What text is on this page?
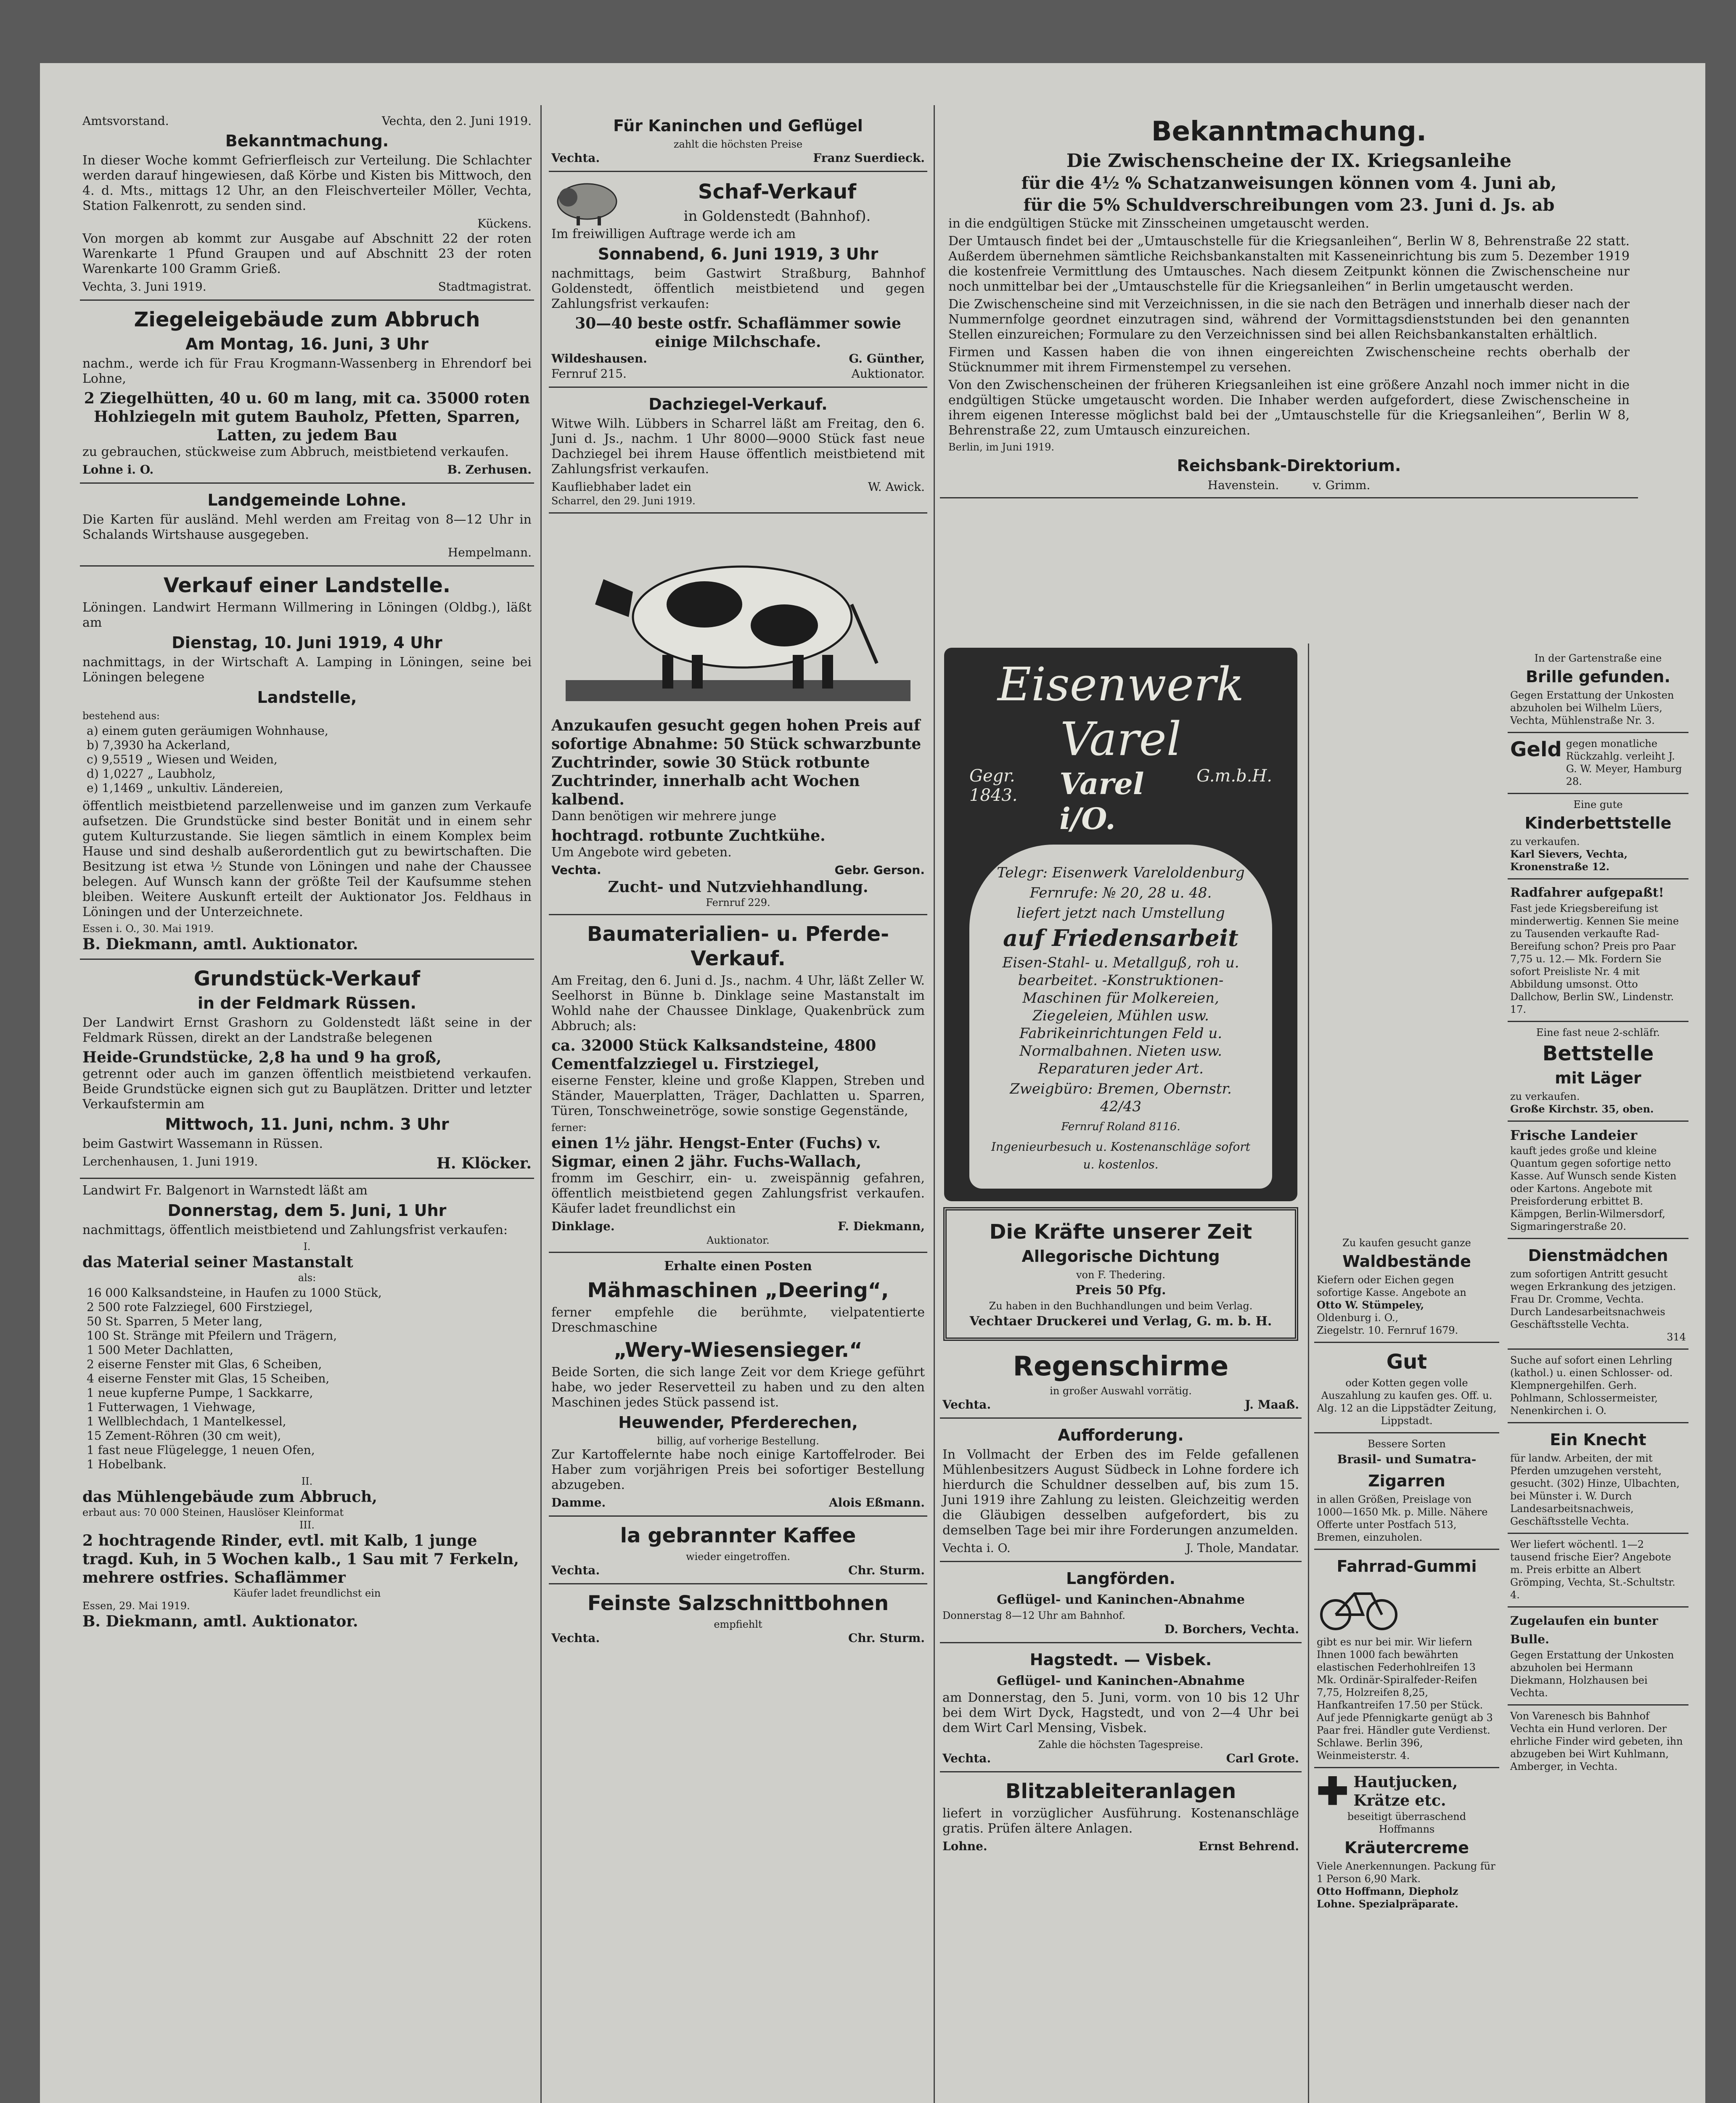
Amtsvorstand.	Vechta, den 2. Juni 1919.
Bekanntmachung.

In dieser Woche kommt Gefrierfleisch zur Verteilung. Die Schlachter werden darauf hingewiesen, daß Körbe und Kisten bis Mittwoch, den 4. d. Mts., mittags 12 Uhr, an den Fleischverteiler Möller, Vechta, Station Falkenrott, zu senden sind.

Kückens.

Von morgen ab kommt zur Ausgabe auf Abschnitt 22 der roten Warenkarte 1 Pfund Graupen und auf Abschnitt 23 der roten Warenkarte 100 Gramm Grieß.

Vechta, 3. Juni 1919.	Stadtmagistrat.
Ziegeleigebäude zum Abbruch
Am Montag, 16. Juni, 3 Uhr

nachm., werde ich für Frau Krogmann-Wassenberg in Ehrendorf bei Lohne,

2 Ziegelhütten, 40 u. 60 m lang, mit ca. 35000 roten Hohlziegeln mit gutem Bauholz, Pfetten, Sparren, Latten, zu jedem Bau

zu gebrauchen, stückweise zum Abbruch, meistbietend verkaufen.

Lohne i. O.	B. Zerhusen.
Landgemeinde Lohne.

Die Karten für ausländ. Mehl werden am Freitag von 8—12 Uhr in Schalands Wirtshause ausgegeben.

Hempelmann.
Verkauf einer Landstelle.

Löningen. Landwirt Hermann Willmering in Löningen (Oldbg.), läßt am

Dienstag, 10. Juni 1919, 4 Uhr

nachmittags, in der Wirtschaft A. Lamping in Löningen, seine bei Löningen belegene

Landstelle,
bestehend aus:
a) einem guten geräumigen Wohnhause,
b) 7,3930 ha Ackerland,
c) 9,5519 „ Wiesen und Weiden,
d) 1,0227 „ Laubholz,
e) 1,1469 „ unkultiv. Ländereien,

öffentlich meistbietend parzellenweise und im ganzen zum Verkaufe aufsetzen. Die Grundstücke sind bester Bonität und in einem sehr gutem Kulturzustande. Sie liegen sämtlich in einem Komplex beim Hause und sind deshalb außerordentlich gut zu bewirtschaften. Die Besitzung ist etwa ½ Stunde von Löningen und nahe der Chaussee belegen. Auf Wunsch kann der größte Teil der Kaufsumme stehen bleiben. Weitere Auskunft erteilt der Auktionator Jos. Feldhaus in Löningen und der Unterzeichnete.

Essen i. O., 30. Mai 1919.
B. Diekmann, amtl. Auktionator.
Grundstück-Verkauf
in der Feldmark Rüssen.

Der Landwirt Ernst Grashorn zu Goldenstedt läßt seine in der Feldmark Rüssen, direkt an der Landstraße belegenen

Heide-Grundstücke, 2,8 ha und 9 ha groß,

getrennt oder auch im ganzen öffentlich meistbietend verkaufen. Beide Grundstücke eignen sich gut zu Bauplätzen. Dritter und letzter Verkaufstermin am

Mittwoch, 11. Juni, nchm. 3 Uhr

beim Gastwirt Wassemann in Rüssen.

Lerchenhausen, 1. Juni 1919.	H. Klöcker.

Landwirt Fr. Balgenort in Warnstedt läßt am

Donnerstag, dem 5. Juni, 1 Uhr

nachmittags, öffentlich meistbietend und Zahlungsfrist verkaufen:

I.
das Material seiner Mastanstalt
als:
16 000 Kalksandsteine, in Haufen zu 1000 Stück,
2 500 rote Falzziegel, 600 Firstziegel,
50 St. Sparren, 5 Meter lang,
100 St. Stränge mit Pfeilern und Trägern,
1 500 Meter Dachlatten,
2 eiserne Fenster mit Glas, 6 Scheiben,
4 eiserne Fenster mit Glas, 15 Scheiben,
1 neue kupferne Pumpe, 1 Sackkarre,
1 Futterwagen, 1 Viehwage,
1 Wellblechdach, 1 Mantelkessel,
15 Zement-Röhren (30 cm weit),
1 fast neue Flügelegge, 1 neuen Ofen,
1 Hobelbank.
II.
das Mühlengebäude zum Abbruch,
erbaut aus: 70 000 Steinen, Hauslöser Kleinformat
III.
2 hochtragende Rinder, evtl. mit Kalb, 1 junge tragd. Kuh, in 5 Wochen kalb., 1 Sau mit 7 Ferkeln, mehrere ostfries. Schaflämmer
Käufer ladet freundlichst ein
Essen, 29. Mai 1919.
B. Diekmann, amtl. Auktionator.
Für Kaninchen und Geflügel
zahlt die höchsten Preise
Vechta.	Franz Suerdieck.
Schaf-Verkauf
in Goldenstedt (Bahnhof).

Im freiwilligen Auftrage werde ich am

Sonnabend, 6. Juni 1919, 3 Uhr

nachmittags, beim Gastwirt Straßburg, Bahnhof Goldenstedt, öffentlich meistbietend und gegen Zahlungsfrist verkaufen:

30—40 beste ostfr. Schaflämmer sowie einige Milchschafe.
Wildeshausen.	G. Günther,
Fernruf 215.	Auktionator.
Dachziegel-Verkauf.

Witwe Wilh. Lübbers in Scharrel läßt am Freitag, den 6. Juni d. Js., nachm. 1 Uhr 8000—9000 Stück fast neue Dachziegel bei ihrem Hause öffentlich meistbietend mit Zahlungsfrist verkaufen.

Kaufliebhaber ladet ein	W. Awick.
Scharrel, den 29. Juni 1919.
Anzukaufen gesucht gegen hohen Preis auf sofortige Abnahme: 50 Stück schwarzbunte Zuchtrinder, sowie 30 Stück rotbunte Zuchtrinder, innerhalb acht Wochen kalbend.

Dann benötigen wir mehrere junge

hochtragd. rotbunte Zuchtkühe.

Um Angebote wird gebeten.

Vechta.	Gebr. Gerson.
Zucht- und Nutzviehhandlung.
Fernruf 229.
Baumaterialien- u. Pferde-Verkauf.

Am Freitag, den 6. Juni d. Js., nachm. 4 Uhr, läßt Zeller W. Seelhorst in Bünne b. Dinklage seine Mastanstalt im Wohld nahe der Chaussee Dinklage, Quakenbrück zum Abbruch; als:

ca. 32000 Stück Kalksandsteine, 4800 Cementfalzziegel u. Firstziegel,

eiserne Fenster, kleine und große Klappen, Streben und Ständer, Mauerplatten, Träger, Dachlatten u. Sparren, Türen, Tonschweinetröge, sowie sonstige Gegenstände,

ferner:
einen 1½ jähr. Hengst-Enter (Fuchs) v. Sigmar, einen 2 jähr. Fuchs-Wallach,

fromm im Geschirr, ein- u. zweispännig gefahren, öffentlich meistbietend gegen Zahlungsfrist verkaufen. Käufer ladet freundlichst ein

Dinklage.	F. Diekmann,
Auktionator.
Erhalte einen Posten
Mähmaschinen „Deering“,

ferner empfehle die berühmte, vielpatentierte Dreschmaschine

„Wery-Wiesensieger.“

Beide Sorten, die sich lange Zeit vor dem Kriege geführt habe, wo jeder Reservetteil zu haben und zu den alten Maschinen jedes Stück passend ist.

Heuwender, Pferderechen,
billig, auf vorherige Bestellung.

Zur Kartoffelernte habe noch einige Kartoffelroder. Bei Haber zum vorjährigen Preis bei sofortiger Bestellung abzugeben.

Damme.	Alois Eßmann.
la gebrannter Kaffee
wieder eingetroffen.
Vechta.	Chr. Sturm.
Feinste Salzschnittbohnen
empfiehlt
Vechta.	Chr. Sturm.
Bekanntmachung.
Die Zwischenscheine der IX. Kriegsanleihe
für die 4½ % Schatzanweisungen können vom 4. Juni ab,
für die 5% Schuldverschreibungen vom 23. Juni d. Js. ab

in die endgültigen Stücke mit Zinsscheinen umgetauscht werden.

Der Umtausch findet bei der „Umtauschstelle für die Kriegsanleihen“, Berlin W 8, Behrenstraße 22 statt. Außerdem übernehmen sämtliche Reichsbankanstalten mit Kasseneinrichtung bis zum 5. Dezember 1919 die kostenfreie Vermittlung des Umtausches. Nach diesem Zeitpunkt können die Zwischenscheine nur noch unmittelbar bei der „Umtauschstelle für die Kriegsanleihen“ in Berlin umgetauscht werden.

Die Zwischenscheine sind mit Verzeichnissen, in die sie nach den Beträgen und innerhalb dieser nach der Nummernfolge geordnet einzutragen sind, während der Vormittagsdienststunden bei den genannten Stellen einzureichen; Formulare zu den Verzeichnissen sind bei allen Reichsbankanstalten erhältlich.

Firmen und Kassen haben die von ihnen eingereichten Zwischenscheine rechts oberhalb der Stücknummer mit ihrem Firmenstempel zu versehen.

Von den Zwischenscheinen der früheren Kriegsanleihen ist eine größere Anzahl noch immer nicht in die endgültigen Stücke umgetauscht worden. Die Inhaber werden aufgefordert, diese Zwischenscheine in ihrem eigenen Interesse möglichst bald bei der „Umtauschstelle für die Kriegsanleihen“, Berlin W 8, Behrenstraße 22, zum Umtausch einzureichen.

Berlin, im Juni 1919.
Reichsbank-Direktorium.
Havenstein.	v. Grimm.
Eisenwerk Varel
Gegr. 1843.	Varel i/O.
G.m.b.H.

Telegr: Eisenwerk Vareloldenburg

Fernrufe: № 20, 28 u. 48.

liefert jetzt nach Umstellung

auf Friedensarbeit

Eisen-Stahl- u. Metallguß, roh u. bearbeitet. -Konstruktionen- Maschinen für Molkereien, Ziegeleien, Mühlen usw. Fabrikeinrichtungen Feld u. Normalbahnen. Nieten usw. Reparaturen jeder Art.

Zweigbüro: Bremen, Obernstr. 42/43

Fernruf Roland 8116.

Ingenieurbesuch u. Kostenanschläge sofort u. kostenlos.

Die Kräfte unserer Zeit
Allegorische Dichtung
von F. Thedering.
Preis 50 Pfg.
Zu haben in den Buchhandlungen und beim Verlag.
Vechtaer Druckerei und Verlag, G. m. b. H.
Regenschirme
in großer Auswahl vorrätig.
Vechta.	J. Maaß.
Aufforderung.

In Vollmacht der Erben des im Felde gefallenen Mühlenbesitzers August Südbeck in Lohne fordere ich hierdurch die Schuldner desselben auf, bis zum 15. Juni 1919 ihre Zahlung zu leisten. Gleichzeitig werden die Gläubigen desselben aufgefordert, bis zu demselben Tage bei mir ihre Forderungen anzumelden.

Vechta i. O.	J. Thole, Mandatar.
Langförden.
Geflügel- und Kaninchen-Abnahme
Donnerstag 8—12 Uhr am Bahnhof.
D. Borchers, Vechta.
Hagstedt. — Visbek.
Geflügel- und Kaninchen-Abnahme

am Donnerstag, den 5. Juni, vorm. von 10 bis 12 Uhr bei dem Wirt Dyck, Hagstedt, und von 2—4 Uhr bei dem Wirt Carl Mensing, Visbek.

Zahle die höchsten Tagespreise.
Vechta.	Carl Grote.
Blitzableiteranlagen

liefert in vorzüglicher Ausführung. Kostenanschläge gratis. Prüfen ältere Anlagen.

Lohne.	Ernst Behrend.
Zu kaufen gesucht ganze
Waldbestände
Kiefern oder Eichen gegen sofortige Kasse. Angebote an
Otto W. Stümpeley,
Oldenburg i. O.,
Ziegelstr. 10. Fernruf 1679.
Gut
oder Kotten gegen volle Auszahlung zu kaufen ges. Off. u. Alg. 12 an die Lippstädter Zeitung, Lippstadt.
Bessere Sorten
Brasil- und Sumatra-
Zigarren
in allen Größen, Preislage von 1000—1650 Mk. p. Mille. Nähere Offerte unter Postfach 513, Bremen, einzuholen.
Fahrrad-Gummi
gibt es nur bei mir. Wir liefern Ihnen 1000 fach bewährten elastischen Federhohlreifen 13 Mk. Ordinär-Spiralfeder-Reifen 7,75, Holzreifen 8,25, Hanfkantreifen 17.50 per Stück. Auf jede Pfennigkarte genügt ab 3 Paar frei. Händler gute Verdienst. Schlawe. Berlin 396, Weinmeisterstr. 4.
✚ Hautjucken, Krätze etc.
beseitigt überraschend
Hoffmanns
Kräutercreme
Viele Anerkennungen. Packung für 1 Person 6,90 Mark.
Otto Hoffmann, Diepholz Lohne. Spezialpräparate.
In der Gartenstraße eine
Brille gefunden.
Gegen Erstattung der Unkosten abzuholen bei Wilhelm Lüers, Vechta, Mühlenstraße Nr. 3.
Geld gegen monatliche Rückzahlg. verleiht J. G. W. Meyer, Hamburg 28.
Eine gute
Kinderbettstelle
zu verkaufen.
Karl Sievers, Vechta, Kronenstraße 12.
Radfahrer aufgepaßt!
Fast jede Kriegsbereifung ist minderwertig. Kennen Sie meine zu Tausenden verkaufte Rad-Bereifung schon? Preis pro Paar 7,75 u. 12.— Mk. Fordern Sie sofort Preisliste Nr. 4 mit Abbildung umsonst. Otto Dallchow, Berlin SW., Lindenstr. 17.
Eine fast neue 2-schläfr.
Bettstelle
mit Läger
zu verkaufen.
Große Kirchstr. 35, oben.
Frische Landeier
kauft jedes große und kleine Quantum gegen sofortige netto Kasse. Auf Wunsch sende Kisten oder Kartons. Angebote mit Preisforderung erbittet B. Kämpgen, Berlin-Wilmersdorf, Sigmaringerstraße 20.
Dienstmädchen
zum sofortigen Antritt gesucht wegen Erkrankung des jetzigen. Frau Dr. Cromme, Vechta.
Durch Landesarbeitsnachweis Geschäftsstelle Vechta.
314
Suche auf sofort einen Lehrling (kathol.) u. einen Schlosser- od. Klempnergehilfen. Gerh. Pohlmann, Schlossermeister, Nenenkirchen i. O.
Ein Knecht
für landw. Arbeiten, der mit Pferden umzugehen versteht, gesucht. (302) Hinze, Ulbachten, bei Münster i. W. Durch Landesarbeitsnachweis, Geschäftsstelle Vechta.
Wer liefert wöchentl. 1—2 tausend frische Eier? Angebote m. Preis erbitte an Albert Grömping, Vechta, St.-Schultstr. 4.
Zugelaufen ein bunter Bulle.
Gegen Erstattung der Unkosten abzuholen bei Hermann Diekmann, Holzhausen bei Vechta.
Von Varenesch bis Bahnhof Vechta ein Hund verloren. Der ehrliche Finder wird gebeten, ihn abzugeben bei Wirt Kuhlmann, Amberger, in Vechta.
